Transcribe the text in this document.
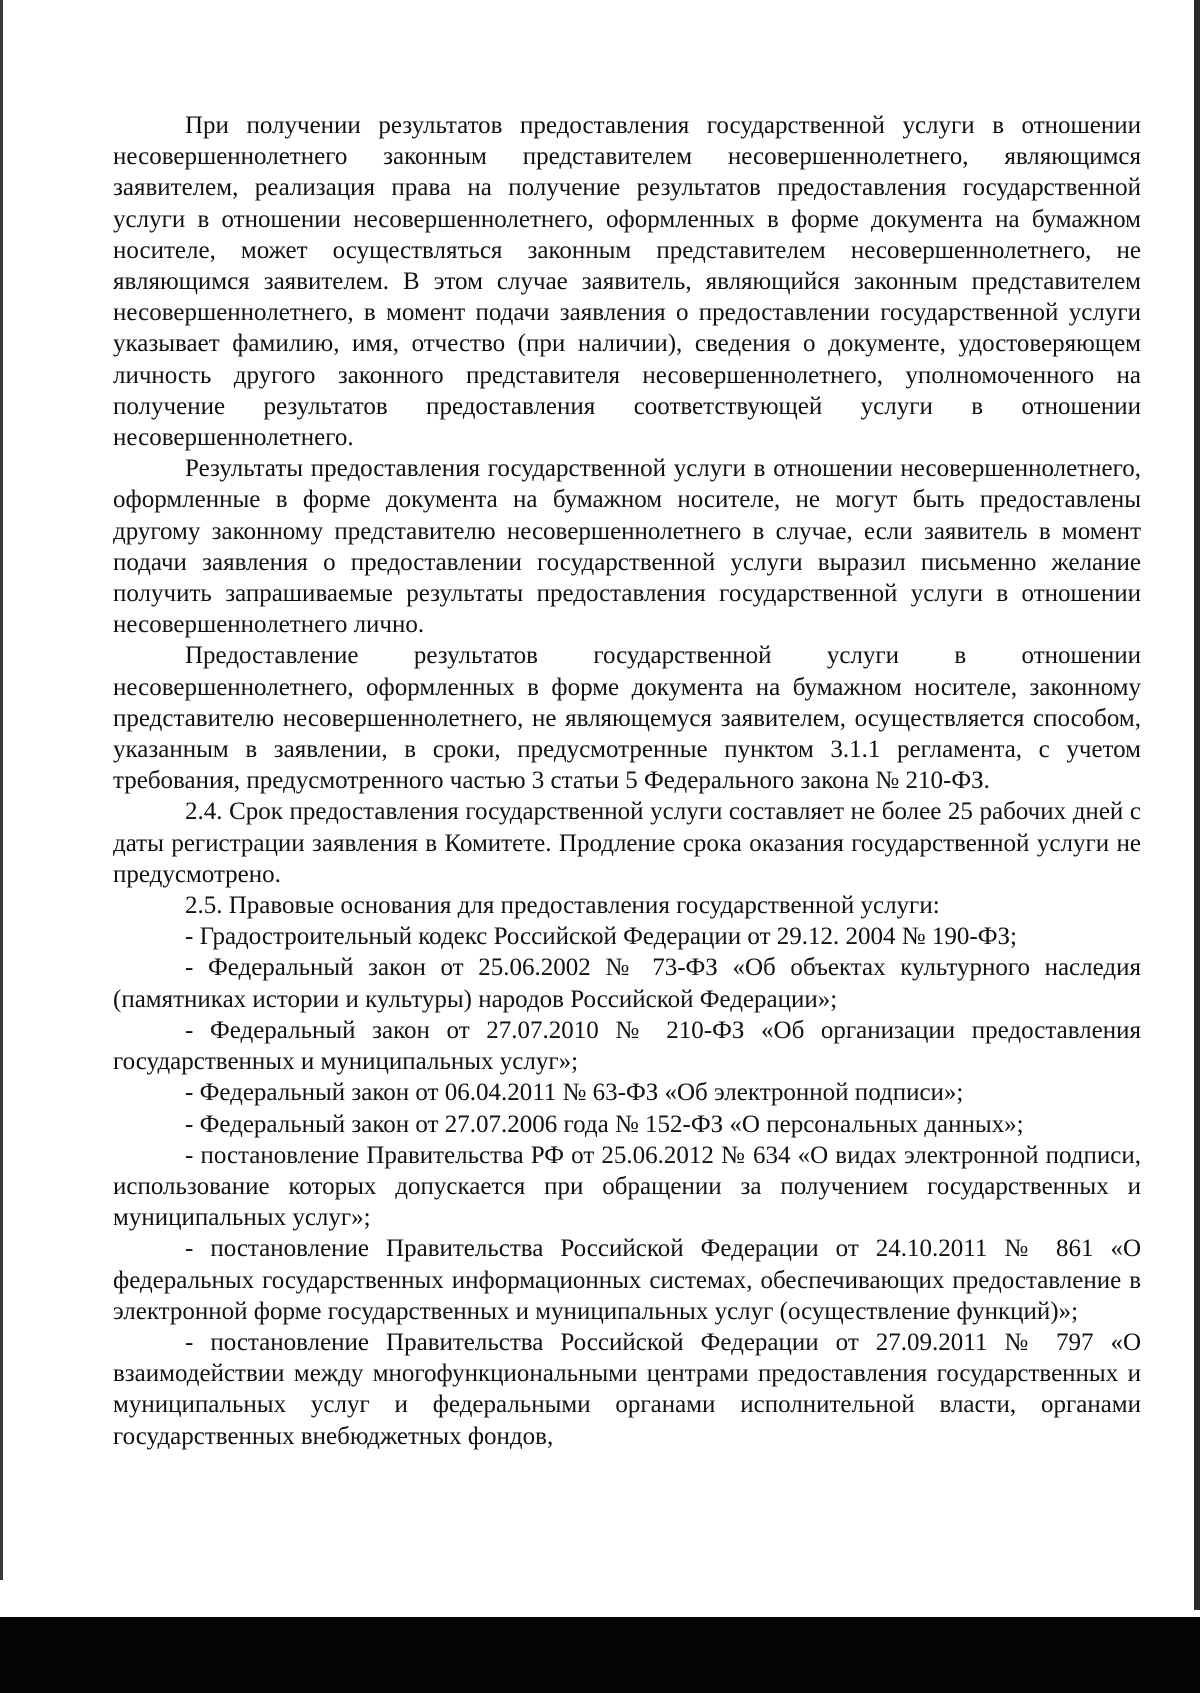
При получении результатов предоставления государственной услуги в отношении несовершеннолетнего законным представителем несовершеннолетнего, являющимся заявителем, реализация права на получение результатов предоставления государственной услуги в отношении несовершеннолетнего, оформленных в форме документа на бумажном носителе, может осуществляться законным представителем несовершеннолетнего, не являющимся заявителем. В этом случае заявитель, являющийся законным представителем несовершеннолетнего, в момент подачи заявления о предоставлении государственной услуги указывает фамилию, имя, отчество (при наличии), сведения о документе, удостоверяющем личность другого законного представителя несовершеннолетнего, уполномоченного на получение результатов предоставления соответствующей услуги в отношении несовершеннолетнего.

Результаты предоставления государственной услуги в отношении несовершеннолетнего, оформленные в форме документа на бумажном носителе, не могут быть предоставлены другому законному представителю несовершеннолетнего в случае, если заявитель в момент подачи заявления о предоставлении государственной услуги выразил письменно желание получить запрашиваемые результаты предоставления государственной услуги в отношении несовершеннолетнего лично.

Предоставление результатов государственной услуги в отношении несовершеннолетнего, оформленных в форме документа на бумажном носителе, законному представителю несовершеннолетнего, не являющемуся заявителем, осуществляется способом, указанным в заявлении, в сроки, предусмотренные пунктом 3.1.1 регламента, с учетом требования, предусмотренного частью 3 статьи 5 Федерального закона № 210-ФЗ.

2.4. Срок предоставления государственной услуги составляет не более 25 рабочих дней с даты регистрации заявления в Комитете. Продление срока оказания государственной услуги не предусмотрено.

2.5. Правовые основания для предоставления государственной услуги:

- Градостроительный кодекс Российской Федерации от 29.12. 2004 № 190-ФЗ;

- Федеральный закон от 25.06.2002 № 73-ФЗ «Об объектах культурного наследия (памятниках истории и культуры) народов Российской Федерации»;

- Федеральный закон от 27.07.2010 № 210-ФЗ «Об организации предоставления государственных и муниципальных услуг»;

- Федеральный закон от 06.04.2011 № 63-ФЗ «Об электронной подписи»;

- Федеральный закон от 27.07.2006 года № 152-ФЗ «О персональных данных»;

- постановление Правительства РФ от 25.06.2012 № 634 «О видах электронной подписи, использование которых допускается при обращении за получением государственных и муниципальных услуг»;

- постановление Правительства Российской Федерации от 24.10.2011 № 861 «О федеральных государственных информационных системах, обеспечивающих предоставление в электронной форме государственных и муниципальных услуг (осуществление функций)»;

- постановление Правительства Российской Федерации от 27.09.2011 № 797 «О взаимодействии между многофункциональными центрами предоставления государственных и муниципальных услуг и федеральными органами исполнительной власти, органами государственных внебюджетных фондов,
